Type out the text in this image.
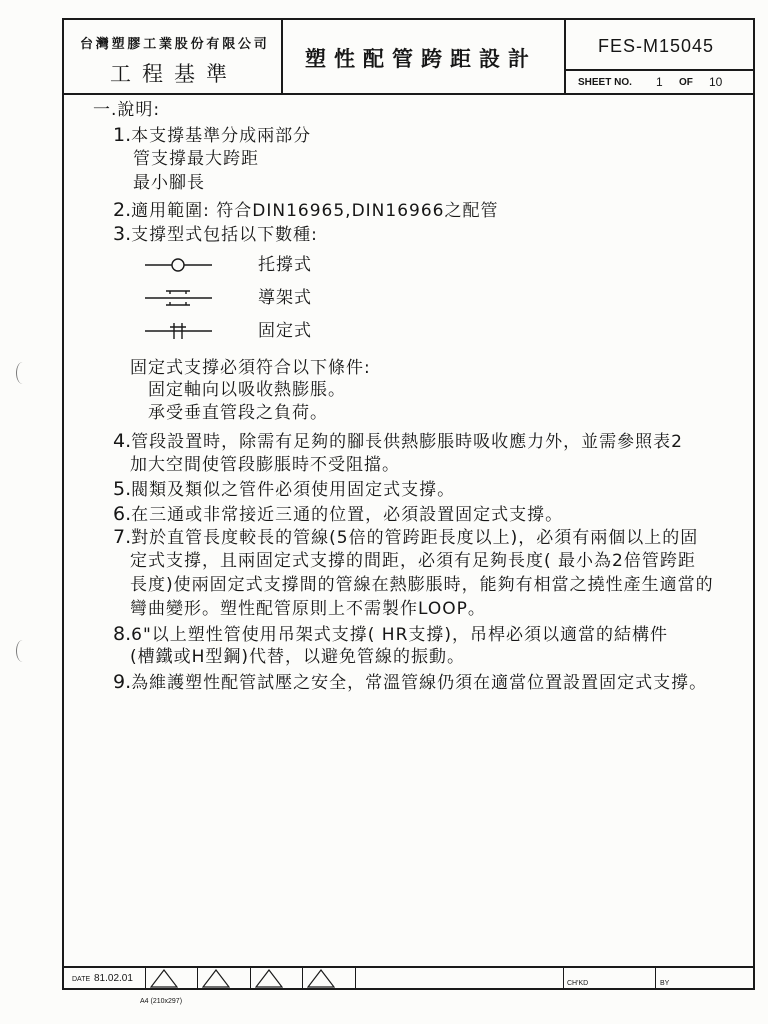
台灣塑膠工業股份有限公司
工程基準
塑性配管跨距設計
FES-M15045
SHEET NO. 1 OF 10
一.說明:
1.本支撐基準分成兩部分
管支撐最大跨距
最小腳長
2.適用範圍: 符合DIN16965,DIN16966之配管
3.支撐型式包括以下數種:
托撐式
導架式
固定式
固定式支撐必須符合以下條件:
固定軸向以吸收熱膨脹。
承受垂直管段之負荷。
4.管段設置時，除需有足夠的腳長供熱膨脹時吸收應力外，並需參照表2
加大空間使管段膨脹時不受阻擋。
5.閥類及類似之管件必須使用固定式支撐。
6.在三通或非常接近三通的位置，必須設置固定式支撐。
7.對於直管長度較長的管線(5倍的管跨距長度以上)，必須有兩個以上的固
定式支撐，且兩固定式支撐的間距，必須有足夠長度( 最小為2倍管跨距
長度)使兩固定式支撐間的管線在熱膨脹時，能夠有相當之撓性產生適當的
彎曲變形。塑性配管原則上不需製作LOOP。
8.6"以上塑性管使用吊架式支撐( HR支撐)，吊桿必須以適當的結構件
(槽鐵或H型鋼)代替，以避免管線的振動。
9.為維護塑性配管試壓之安全，常溫管線仍須在適當位置設置固定式支撐。
DATE 81.02.01	CH'KD	BY
A4 (210x297)
